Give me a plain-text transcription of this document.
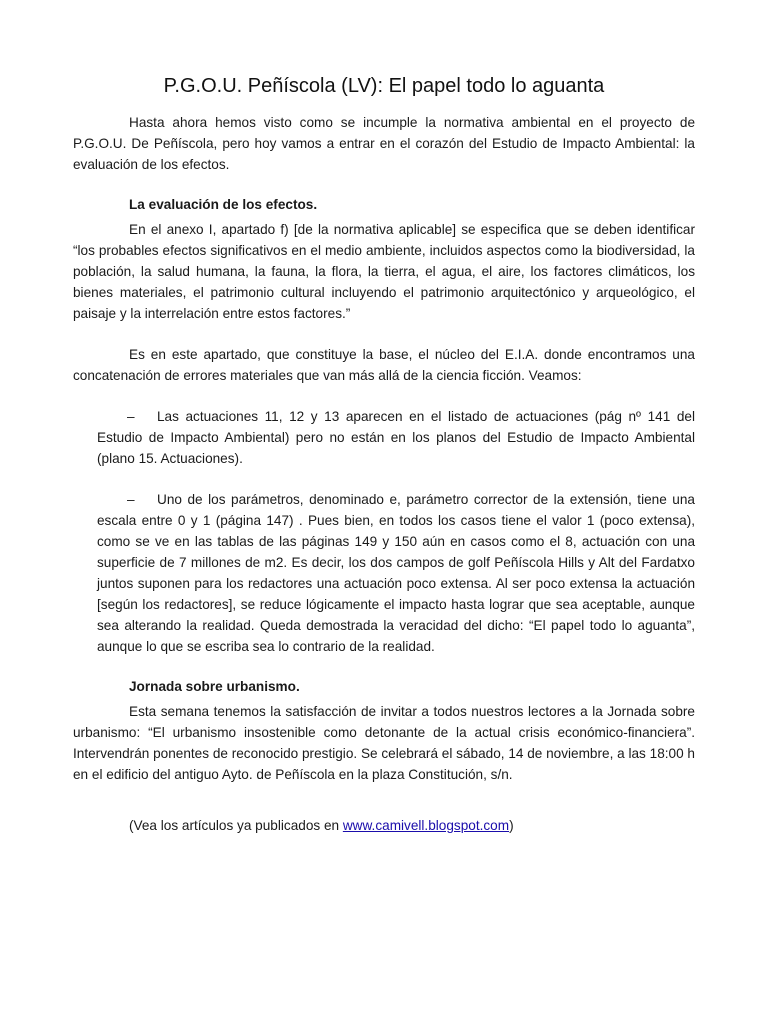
P.G.O.U. Peñíscola (LV): El papel todo lo aguanta

Hasta ahora hemos visto como se incumple la normativa ambiental en el proyecto de P.G.O.U. De Peñíscola, pero hoy vamos a entrar en el corazón del Estudio de Impacto Ambiental: la evaluación de los efectos.

La evaluación de los efectos.

En el anexo I, apartado f) [de la normativa aplicable] se especifica que se deben identificar “los probables efectos significativos en el medio ambiente, incluidos aspectos como la biodiversidad, la población, la salud humana, la fauna, la flora, la tierra, el agua, el aire, los factores climáticos, los bienes materiales, el patrimonio cultural incluyendo el patrimonio arquitectónico y arqueológico, el paisaje y la interrelación entre estos factores.”

Es en este apartado, que constituye la base, el núcleo del E.I.A. donde encontramos una concatenación de errores materiales que van más allá de la ciencia ficción. Veamos:

– Las actuaciones 11, 12 y 13 aparecen en el listado de actuaciones (pág nº 141 del Estudio de Impacto Ambiental) pero no están en los planos del Estudio de Impacto Ambiental (plano 15. Actuaciones).
– Uno de los parámetros, denominado e, parámetro corrector de la extensión, tiene una escala entre 0 y 1 (página 147) . Pues bien, en todos los casos tiene el valor 1 (poco extensa), como se ve en las tablas de las páginas 149 y 150 aún en casos como el 8, actuación con una superficie de 7 millones de m2. Es decir, los dos campos de golf Peñíscola Hills y Alt del Fardatxo juntos suponen para los redactores una actuación poco extensa. Al ser poco extensa la actuación [según los redactores], se reduce lógicamente el impacto hasta lograr que sea aceptable, aunque sea alterando la realidad. Queda demostrada la veracidad del dicho: “El papel todo lo aguanta”, aunque lo que se escriba sea lo contrario de la realidad.
Jornada sobre urbanismo.

Esta semana tenemos la satisfacción de invitar a todos nuestros lectores a la Jornada sobre urbanismo: “El urbanismo insostenible como detonante de la actual crisis económico-financiera”. Intervendrán ponentes de reconocido prestigio. Se celebrará el sábado, 14 de noviembre, a las 18:00 h en el edificio del antiguo Ayto. de Peñíscola en la plaza Constitución, s/n.

(Vea los artículos ya publicados en www.camivell.blogspot.com)
